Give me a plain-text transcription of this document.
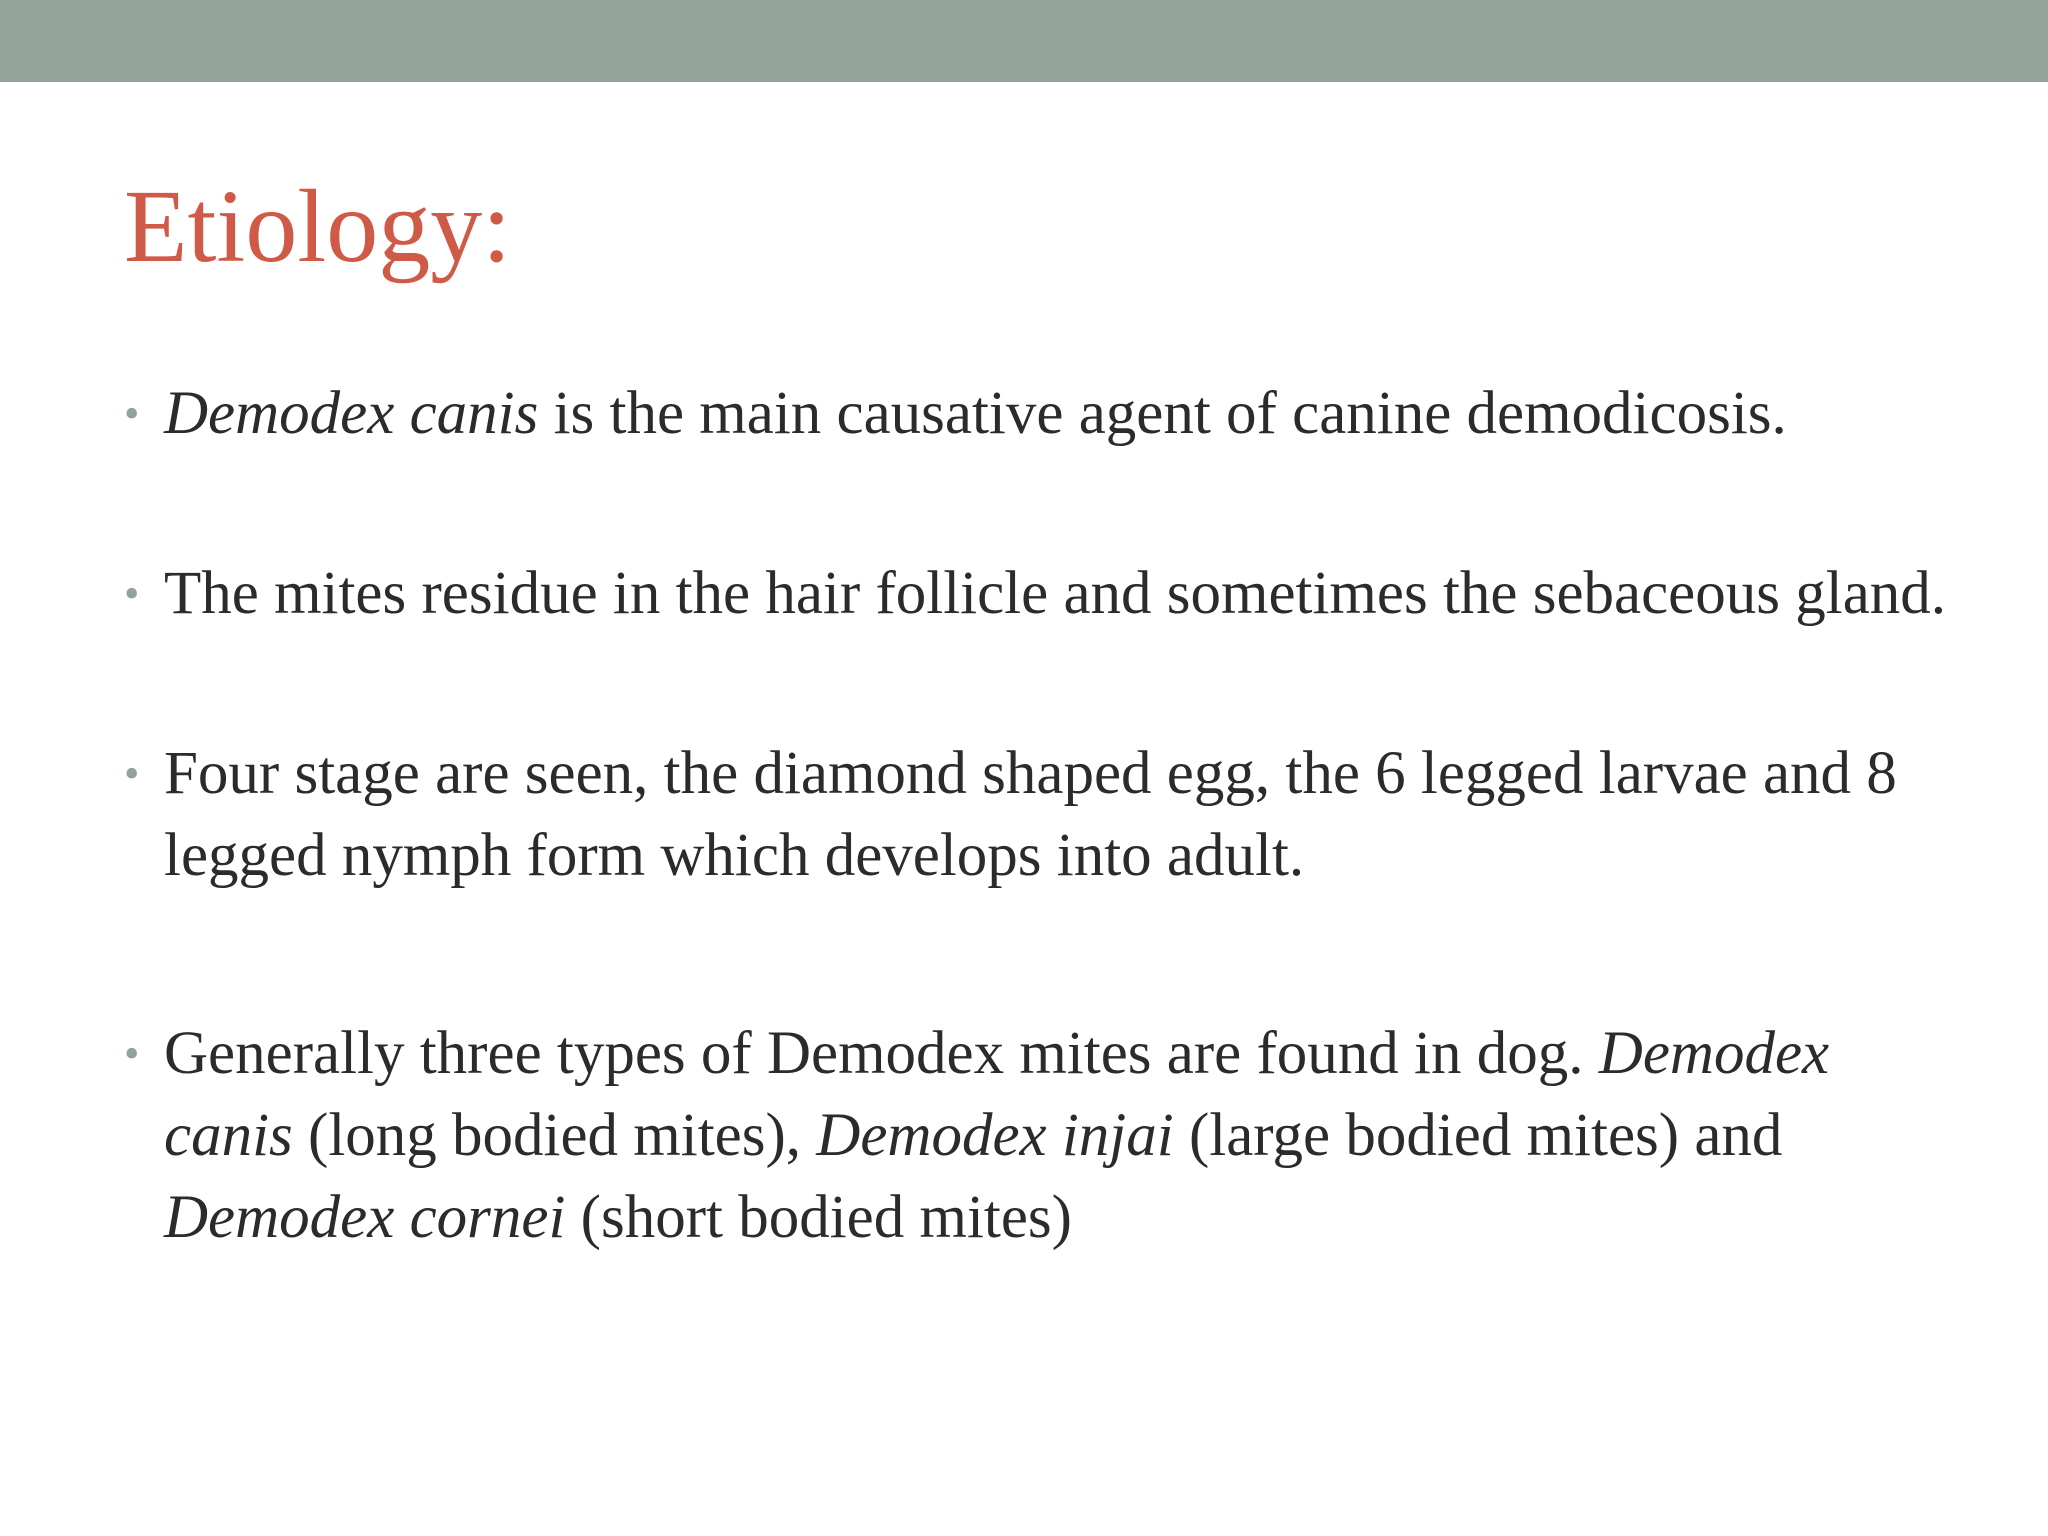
Etiology:
• Demodex canis is the main causative agent of canine demodicosis.
• The mites residue in the hair follicle and sometimes the sebaceous gland.
• Four stage are seen, the diamond shaped egg, the 6 legged larvae and 8 legged nymph form which develops into adult.
• Generally three types of Demodex mites are found in dog. Demodex canis (long bodied mites), Demodex injai (large bodied mites) and Demodex cornei (short bodied mites)
